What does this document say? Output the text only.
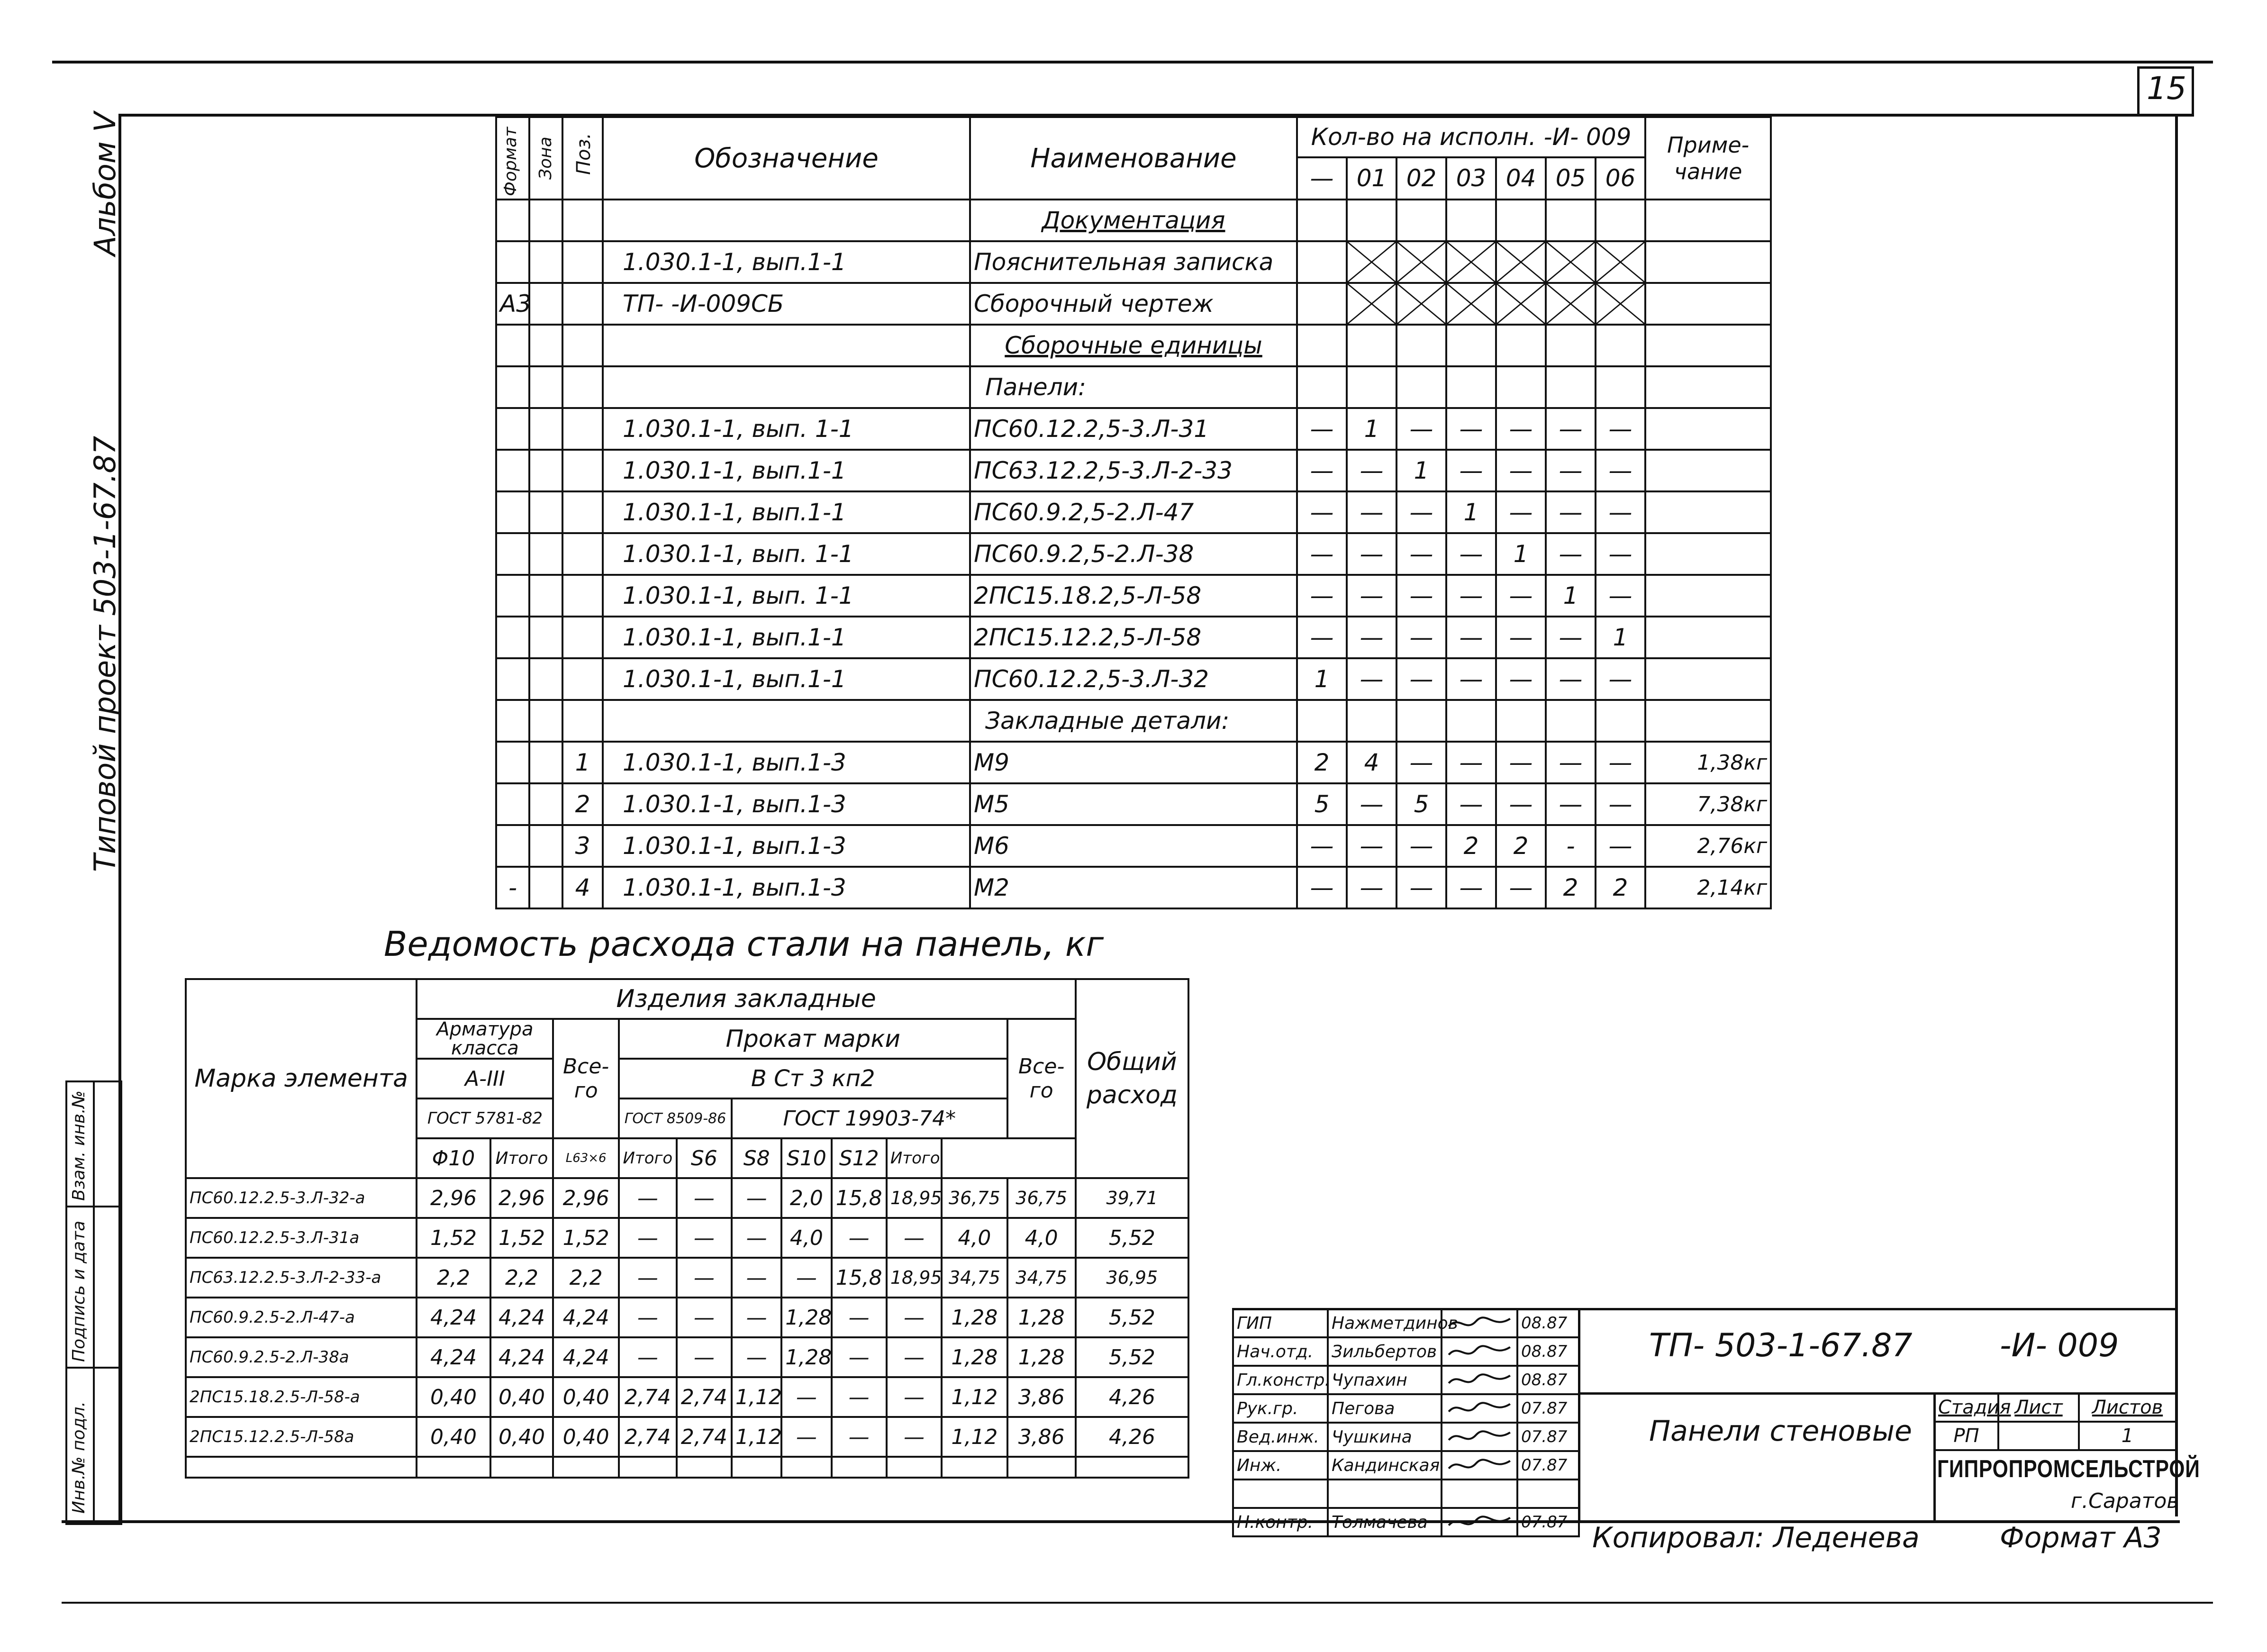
15
Альбом V
Типовой проект 503-1-67.87
Формат	Зона	Поз.	Обозначение	Наименование	Кол-во на исполн. -И- 009							Приме-чание
					—	01	02	03	04	05	06	
				Документация								
			1.030.1-1, вып.1-1	Пояснительная записка		

А3			ТП- -И-009СБ	Сборочный чертеж		

				Сборочные единицы								
				Панели:								
			1.030.1-1, вып. 1-1	ПС60.12.2,5-3.Л-31	—	1	—	—	—	—	—	
			1.030.1-1, вып.1-1	ПС63.12.2,5-3.Л-2-33	—	—	1	—	—	—	—	
			1.030.1-1, вып.1-1	ПС60.9.2,5-2.Л-47	—	—	—	1	—	—	—	
			1.030.1-1, вып. 1-1	ПС60.9.2,5-2.Л-38	—	—	—	—	1	—	—	
			1.030.1-1, вып. 1-1	2ПС15.18.2,5-Л-58	—	—	—	—	—	1	—	
			1.030.1-1, вып.1-1	2ПС15.12.2,5-Л-58	—	—	—	—	—	—	1	
			1.030.1-1, вып.1-1	ПС60.12.2,5-3.Л-32	1	—	—	—	—	—	—	
				Закладные детали:								
		1	1.030.1-1, вып.1-3	М9	2	4	—	—	—	—	—	1,38кг
		2	1.030.1-1, вып.1-3	М5	5	—	5	—	—	—	—	7,38кг
		3	1.030.1-1, вып.1-3	М6	—	—	—	2	2	-	—	2,76кг
-		4	1.030.1-1, вып.1-3	М2	—	—	—	—	—	2	2	2,14кг
Ведомость расхода стали на панель, кг
Марка элемента	Изделия закладные											Общий расход
	Арматура класса		Все-го	Прокат марки							Все-го	
	А-III			В Ст 3 кп2								
	ГОСТ 5781-82			ГОСТ 8509-86		ГОСТ 19903-74*						
	Φ10	Итого	L63×6	Итого	S6	S8	S10	S12	Итого			
ПС60.12.2.5-3.Л-32-а	2,96	2,96	2,96	—	—	—	2,0	15,8	18,95	36,75	36,75	39,71
ПС60.12.2.5-3.Л-31а	1,52	1,52	1,52	—	—	—	4,0	—	—	4,0	4,0	5,52
ПС63.12.2.5-3.Л-2-33-а	2,2	2,2	2,2	—	—	—	—	15,8	18,95	34,75	34,75	36,95
ПС60.9.2.5-2.Л-47-а	4,24	4,24	4,24	—	—	—	1,28	—	—	1,28	1,28	5,52
ПС60.9.2.5-2.Л-38а	4,24	4,24	4,24	—	—	—	1,28	—	—	1,28	1,28	5,52
2ПС15.18.2.5-Л-58-а	0,40	0,40	0,40	2,74	2,74	1,12	—	—	—	1,12	3,86	4,26
2ПС15.12.2.5-Л-58а	0,40	0,40	0,40	2,74	2,74	1,12	—	—	—	1,12	3,86	4,26

Инв.№ подл.
Подпись и дата
Взам. инв.№
ГИП	Нажметдинов		08.87
Нач.отд.	Зильбертов		08.87
Гл.констр.	Чупахин		08.87
Рук.гр.	Пегова		07.87
Вед.инж.	Чушкина		07.87
Инж.	Кандинская		07.87

Н.контр.	Толмачева		07.87
ТП- 503-1-67.87	-И- 009
Панели стеновые
Стадия	Лист	Листов
РП		1
ГИПРОПРОМСЕЛЬСТРОЙ
г.Саратов
Копировал: Леденева	Формат А3
